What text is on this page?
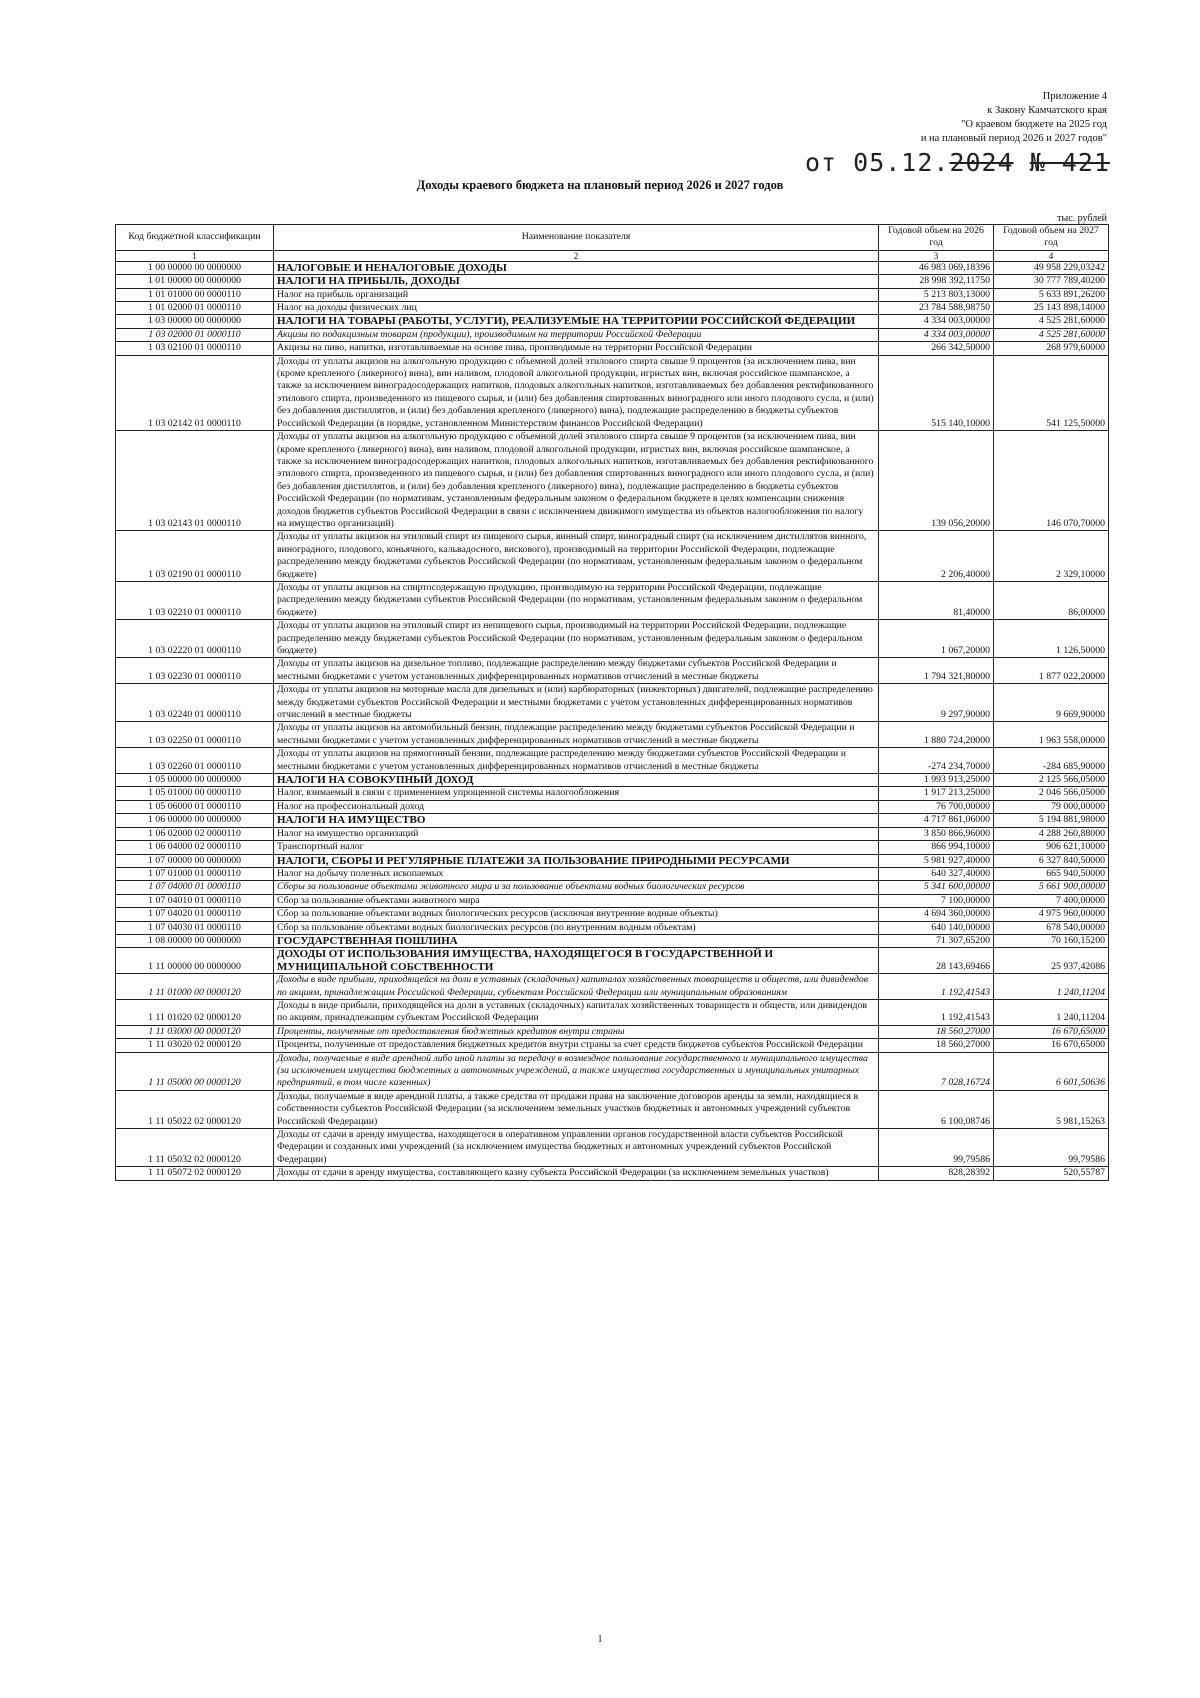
Приложение 4
к Закону Камчатского края
"О краевом бюджете на 2025 год
и на плановый период 2026 и 2027 годов"
от 05.12.2024 № 421
Доходы краевого бюджета на плановый период 2026 и 2027 годов
тыс. рублей
Код бюджетной классификации	Наименование показателя	Годовой объем на 2026 год	Годовой объем на 2027 год
1	2	3	4
1 00 00000 00 0000000	НАЛОГОВЫЕ И НЕНАЛОГОВЫЕ ДОХОДЫ	46 983 069,18396	49 958 229,03242
1 01 00000 00 0000000	НАЛОГИ НА ПРИБЫЛЬ, ДОХОДЫ	28 998 392,11750	30 777 789,40200
1 01 01000 00 0000110	Налог на прибыль организаций	5 213 803,13000	5 633 891,26200
1 01 02000 01 0000110	Налог на доходы физических лиц	23 784 588,98750	25 143 898,14000
1 03 00000 00 0000000	НАЛОГИ НА ТОВАРЫ (РАБОТЫ, УСЛУГИ), РЕАЛИЗУЕМЫЕ НА ТЕРРИТОРИИ РОССИЙСКОЙ ФЕДЕРАЦИИ	4 334 003,00000	4 525 281,60000
1 03 02000 01 0000110	Акцизы по подакцизным товарам (продукции), производимым на территории Российской Федерации	4 334 003,00000	4 525 281,60000
1 03 02100 01 0000110	Акцизы на пиво, напитки, изготавливаемые на основе пива, производимые на территории Российской Федерации	266 342,50000	268 979,60000
1 03 02142 01 0000110	Доходы от уплаты акцизов на алкогольную продукцию с объемной долей этилового спирта свыше 9 процентов (за исключением пива, вин (кроме крепленого (ликерного) вина), вин наливом, плодовой алкогольной продукции, игристых вин, включая российское шампанское, а также за исключением виноградосодержащих напитков, плодовых алкогольных напитков, изготавливаемых без добавления ректификованного этилового спирта, произведенного из пищевого сырья, и (или) без добавления спиртованных виноградного или иного плодового сусла, и (или) без добавления дистиллятов, и (или) без добавления крепленого (ликерного) вина), подлежащие распределению в бюджеты субъектов Российской Федерации (в порядке, установленном Министерством финансов Российской Федерации)	515 140,10000	541 125,50000
1 03 02143 01 0000110	Доходы от уплаты акцизов на алкогольную продукцию с объемной долей этилового спирта свыше 9 процентов (за исключением пива, вин (кроме крепленого (ликерного) вина), вин наливом, плодовой алкогольной продукции, игристых вин, включая российское шампанское, а также за исключением виноградосодержащих напитков, плодовых алкогольных напитков, изготавливаемых без добавления ректификованного этилового спирта, произведенного из пищевого сырья, и (или) без добавления спиртованных виноградного или иного плодового сусла, и (или) без добавления дистиллятов, и (или) без добавления крепленого (ликерного) вина), подлежащие распределению в бюджеты субъектов Российской Федерации (по нормативам, установленным федеральным законом о федеральном бюджете в целях компенсации снижения доходов бюджетов субъектов Российской Федерации в связи с исключением движимого имущества из объектов налогообложения по налогу на имущество организаций)	139 056,20000	146 070,70000
1 03 02190 01 0000110	Доходы от уплаты акцизов на этиловый спирт из пищевого сырья, винный спирт, виноградный спирт (за исключением дистиллятов винного, виноградного, плодового, коньячного, кальвадосного, вискового), производимый на территории Российской Федерации, подлежащие распределению между бюджетами субъектов Российской Федерации (по нормативам, установленным федеральным законом о федеральном бюджете)	2 206,40000	2 329,10000
1 03 02210 01 0000110	Доходы от уплаты акцизов на спиртосодержащую продукцию, производимую на территории Российской Федерации, подлежащие распределению между бюджетами субъектов Российской Федерации (по нормативам, установленным федеральным законом о федеральном бюджете)	81,40000	86,00000
1 03 02220 01 0000110	Доходы от уплаты акцизов на этиловый спирт из непищевого сырья, производимый на территории Российской Федерации, подлежащие распределению между бюджетами субъектов Российской Федерации (по нормативам, установленным федеральным законом о федеральном бюджете)	1 067,20000	1 126,50000
1 03 02230 01 0000110	Доходы от уплаты акцизов на дизельное топливо, подлежащие распределению между бюджетами субъектов Российской Федерации и местными бюджетами с учетом установленных дифференцированных нормативов отчислений в местные бюджеты	1 794 321,80000	1 877 022,20000
1 03 02240 01 0000110	Доходы от уплаты акцизов на моторные масла для дизельных и (или) карбюраторных (инжекторных) двигателей, подлежащие распределению между бюджетами субъектов Российской Федерации и местными бюджетами с учетом установленных дифференцированных нормативов отчислений в местные бюджеты	9 297,90000	9 669,90000
1 03 02250 01 0000110	Доходы от уплаты акцизов на автомобильный бензин, подлежащие распределению между бюджетами субъектов Российской Федерации и местными бюджетами с учетом установленных дифференцированных нормативов отчислений в местные бюджеты	1 880 724,20000	1 963 558,00000
1 03 02260 01 0000110	Доходы от уплаты акцизов на прямогонный бензин, подлежащие распределению между бюджетами субъектов Российской Федерации и местными бюджетами с учетом установленных дифференцированных нормативов отчислений в местные бюджеты	-274 234,70000	-284 685,90000
1 05 00000 00 0000000	НАЛОГИ НА СОВОКУПНЫЙ ДОХОД	1 993 913,25000	2 125 566,05000
1 05 01000 00 0000110	Налог, взимаемый в связи с применением упрощенной системы налогообложения	1 917 213,25000	2 046 566,05000
1 05 06000 01 0000110	Налог на профессиональный доход	76 700,00000	79 000,00000
1 06 00000 00 0000000	НАЛОГИ НА ИМУЩЕСТВО	4 717 861,06000	5 194 881,98000
1 06 02000 02 0000110	Налог на имущество организаций	3 850 866,96000	4 288 260,88000
1 06 04000 02 0000110	Транспортный налог	866 994,10000	906 621,10000
1 07 00000 00 0000000	НАЛОГИ, СБОРЫ И РЕГУЛЯРНЫЕ ПЛАТЕЖИ ЗА ПОЛЬЗОВАНИЕ ПРИРОДНЫМИ РЕСУРСАМИ	5 981 927,40000	6 327 840,50000
1 07 01000 01 0000110	Налог на добычу полезных ископаемых	640 327,40000	665 940,50000
1 07 04000 01 0000110	Сборы за пользование объектами животного мира и за пользование объектами водных биологических ресурсов	5 341 600,00000	5 661 900,00000
1 07 04010 01 0000110	Сбор за пользование объектами животного мира	7 100,00000	7 400,00000
1 07 04020 01 0000110	Сбор за пользование объектами водных биологических ресурсов (исключая внутренние водные объекты)	4 694 360,00000	4 975 960,00000
1 07 04030 01 0000110	Сбор за пользование объектами водных биологических ресурсов (по внутренним водным объектам)	640 140,00000	678 540,00000
1 08 00000 00 0000000	ГОСУДАРСТВЕННАЯ ПОШЛИНА	71 307,65200	70 160,15200
1 11 00000 00 0000000	ДОХОДЫ ОТ ИСПОЛЬЗОВАНИЯ ИМУЩЕСТВА, НАХОДЯЩЕГОСЯ В ГОСУДАРСТВЕННОЙ И МУНИЦИПАЛЬНОЙ СОБСТВЕННОСТИ	28 143,69466	25 937,42086
1 11 01000 00 0000120	Доходы в виде прибыли, приходящейся на доли в уставных (складочных) капиталах хозяйственных товариществ и обществ, или дивидендов по акциям, принадлежащим Российской Федерации, субъектам Российской Федерации или муниципальным образованиям	1 192,41543	1 240,11204
1 11 01020 02 0000120	Доходы в виде прибыли, приходящейся на доли в уставных (складочных) капиталах хозяйственных товариществ и обществ, или дивидендов по акциям, принадлежащим субъектам Российской Федерации	1 192,41543	1 240,11204
1 11 03000 00 0000120	Проценты, полученные от предоставления бюджетных кредитов внутри страны	18 560,27000	16 670,65000
1 11 03020 02 0000120	Проценты, полученные от предоставления бюджетных кредитов внутри страны за счет средств бюджетов субъектов Российской Федерации	18 560,27000	16 670,65000
1 11 05000 00 0000120	Доходы, получаемые в виде арендной либо иной платы за передачу в возмездное пользование государственного и муниципального имущества (за исключением имущества бюджетных и автономных учреждений, а также имущества государственных и муниципальных унитарных предприятий, в том числе казенных)	7 028,16724	6 601,50636
1 11 05022 02 0000120	Доходы, получаемые в виде арендной платы, а также средства от продажи права на заключение договоров аренды за земли, находящиеся в собственности субъектов Российской Федерации (за исключением земельных участков бюджетных и автономных учреждений субъектов Российской Федерации)	6 100,08746	5 981,15263
1 11 05032 02 0000120	Доходы от сдачи в аренду имущества, находящегося в оперативном управлении органов государственной власти субъектов Российской Федерации и созданных ими учреждений (за исключением имущества бюджетных и автономных учреждений субъектов Российской Федерации)	99,79586	99,79586
1 11 05072 02 0000120	Доходы от сдачи в аренду имущества, составляющего казну субъекта Российской Федерации (за исключением земельных участков)	828,28392	520,55787
1
